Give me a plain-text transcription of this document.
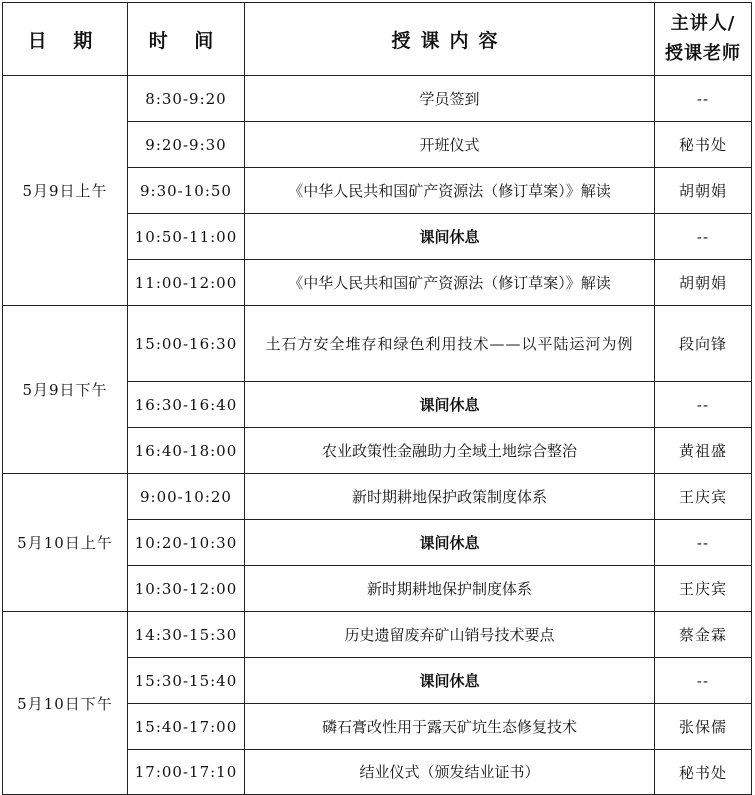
日 期	时 间	授课内容	主讲人/
授课老师

5月9日上午	8:30-9:20	学员签到	--
	9:20-9:30	开班仪式	秘书处
	9:30-10:50	《中华人民共和国矿产资源法（修订草案）》解读	胡朝娟
	10:50-11:00	课间休息	--
	11:00-12:00	《中华人民共和国矿产资源法（修订草案）》解读	胡朝娟
5月9日下午	15:00-16:30	土石方安全堆存和绿色利用技术——以平陆运河为例	段向锋
	16:30-16:40	课间休息	--
	16:40-18:00	农业政策性金融助力全域土地综合整治	黄祖盛
5月10日上午	9:00-10:20	新时期耕地保护政策制度体系	王庆宾
	10:20-10:30	课间休息	--
	10:30-12:00	新时期耕地保护制度体系	王庆宾
5月10日下午	14:30-15:30	历史遗留废弃矿山销号技术要点	蔡金霖
	15:30-15:40	课间休息	--
	15:40-17:00	磷石膏改性用于露天矿坑生态修复技术	张保儒
	17:00-17:10	结业仪式（颁发结业证书）	秘书处
